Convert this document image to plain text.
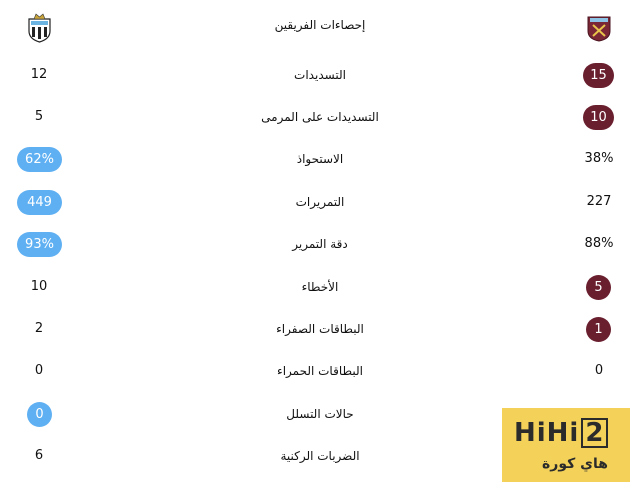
إحصاءات الفريقين
التسديدات
12	15
التسديدات على المرمى
5	10
الاستحواذ
62%	38%
التمريرات
449	227
دقة التمرير
93%	88%
الأخطاء
10	5
البطاقات الصفراء
2	1
البطاقات الحمراء
0	0
حالات التسلل
0
الضربات الركنية
6
HiHi 2
هاي كورة
